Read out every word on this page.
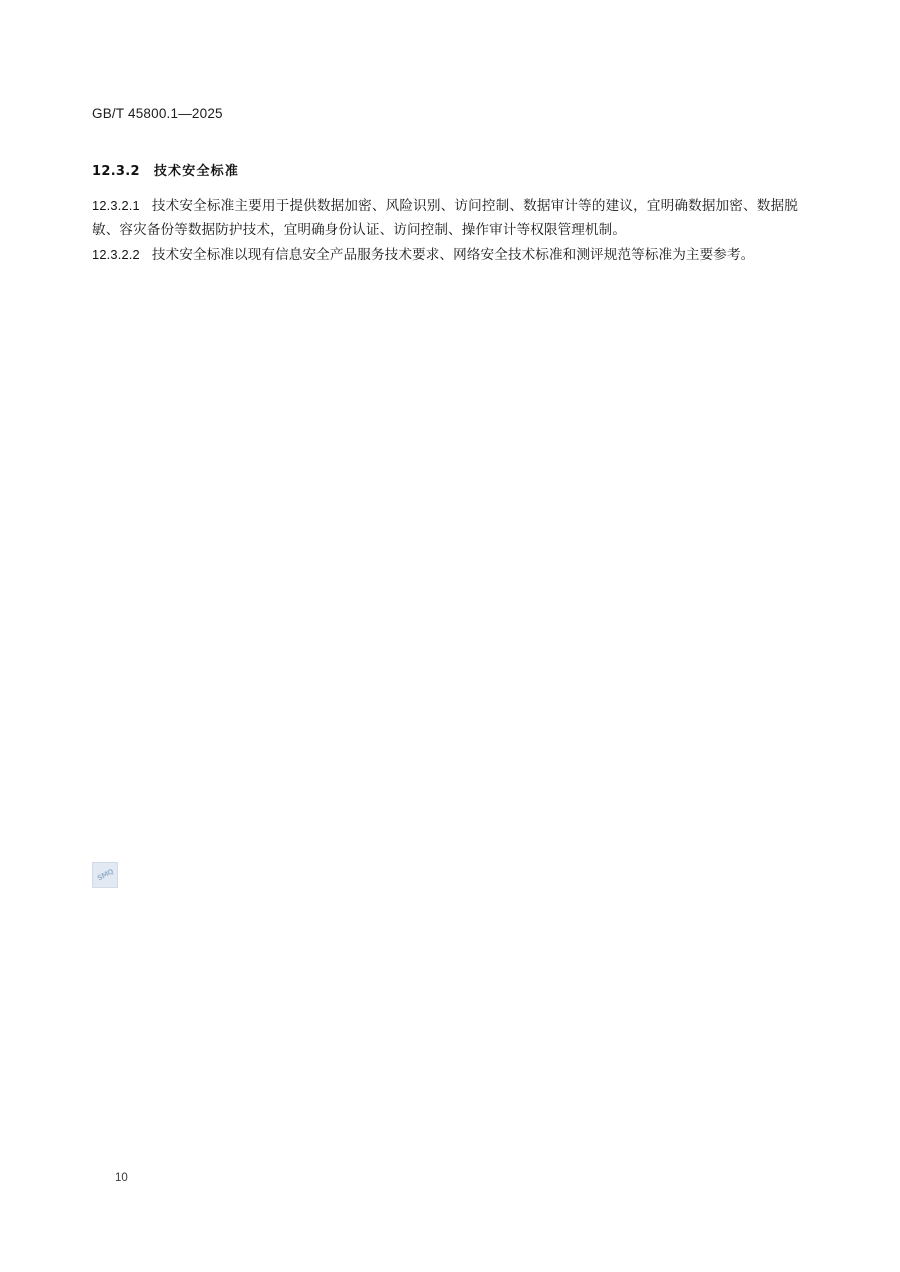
GB/T 45800.1—2025
12.3.2 技术安全标准

12.3.2.1 技术安全标准主要用于提供数据加密、风险识别、访问控制、数据审计等的建议，宜明确数据加密、数据脱敏、容灾备份等数据防护技术，宜明确身份认证、访问控制、操作审计等权限管理机制。

12.3.2.2 技术安全标准以现有信息安全产品服务技术要求、网络安全技术标准和测评规范等标准为主要参考。

SMQ
10
